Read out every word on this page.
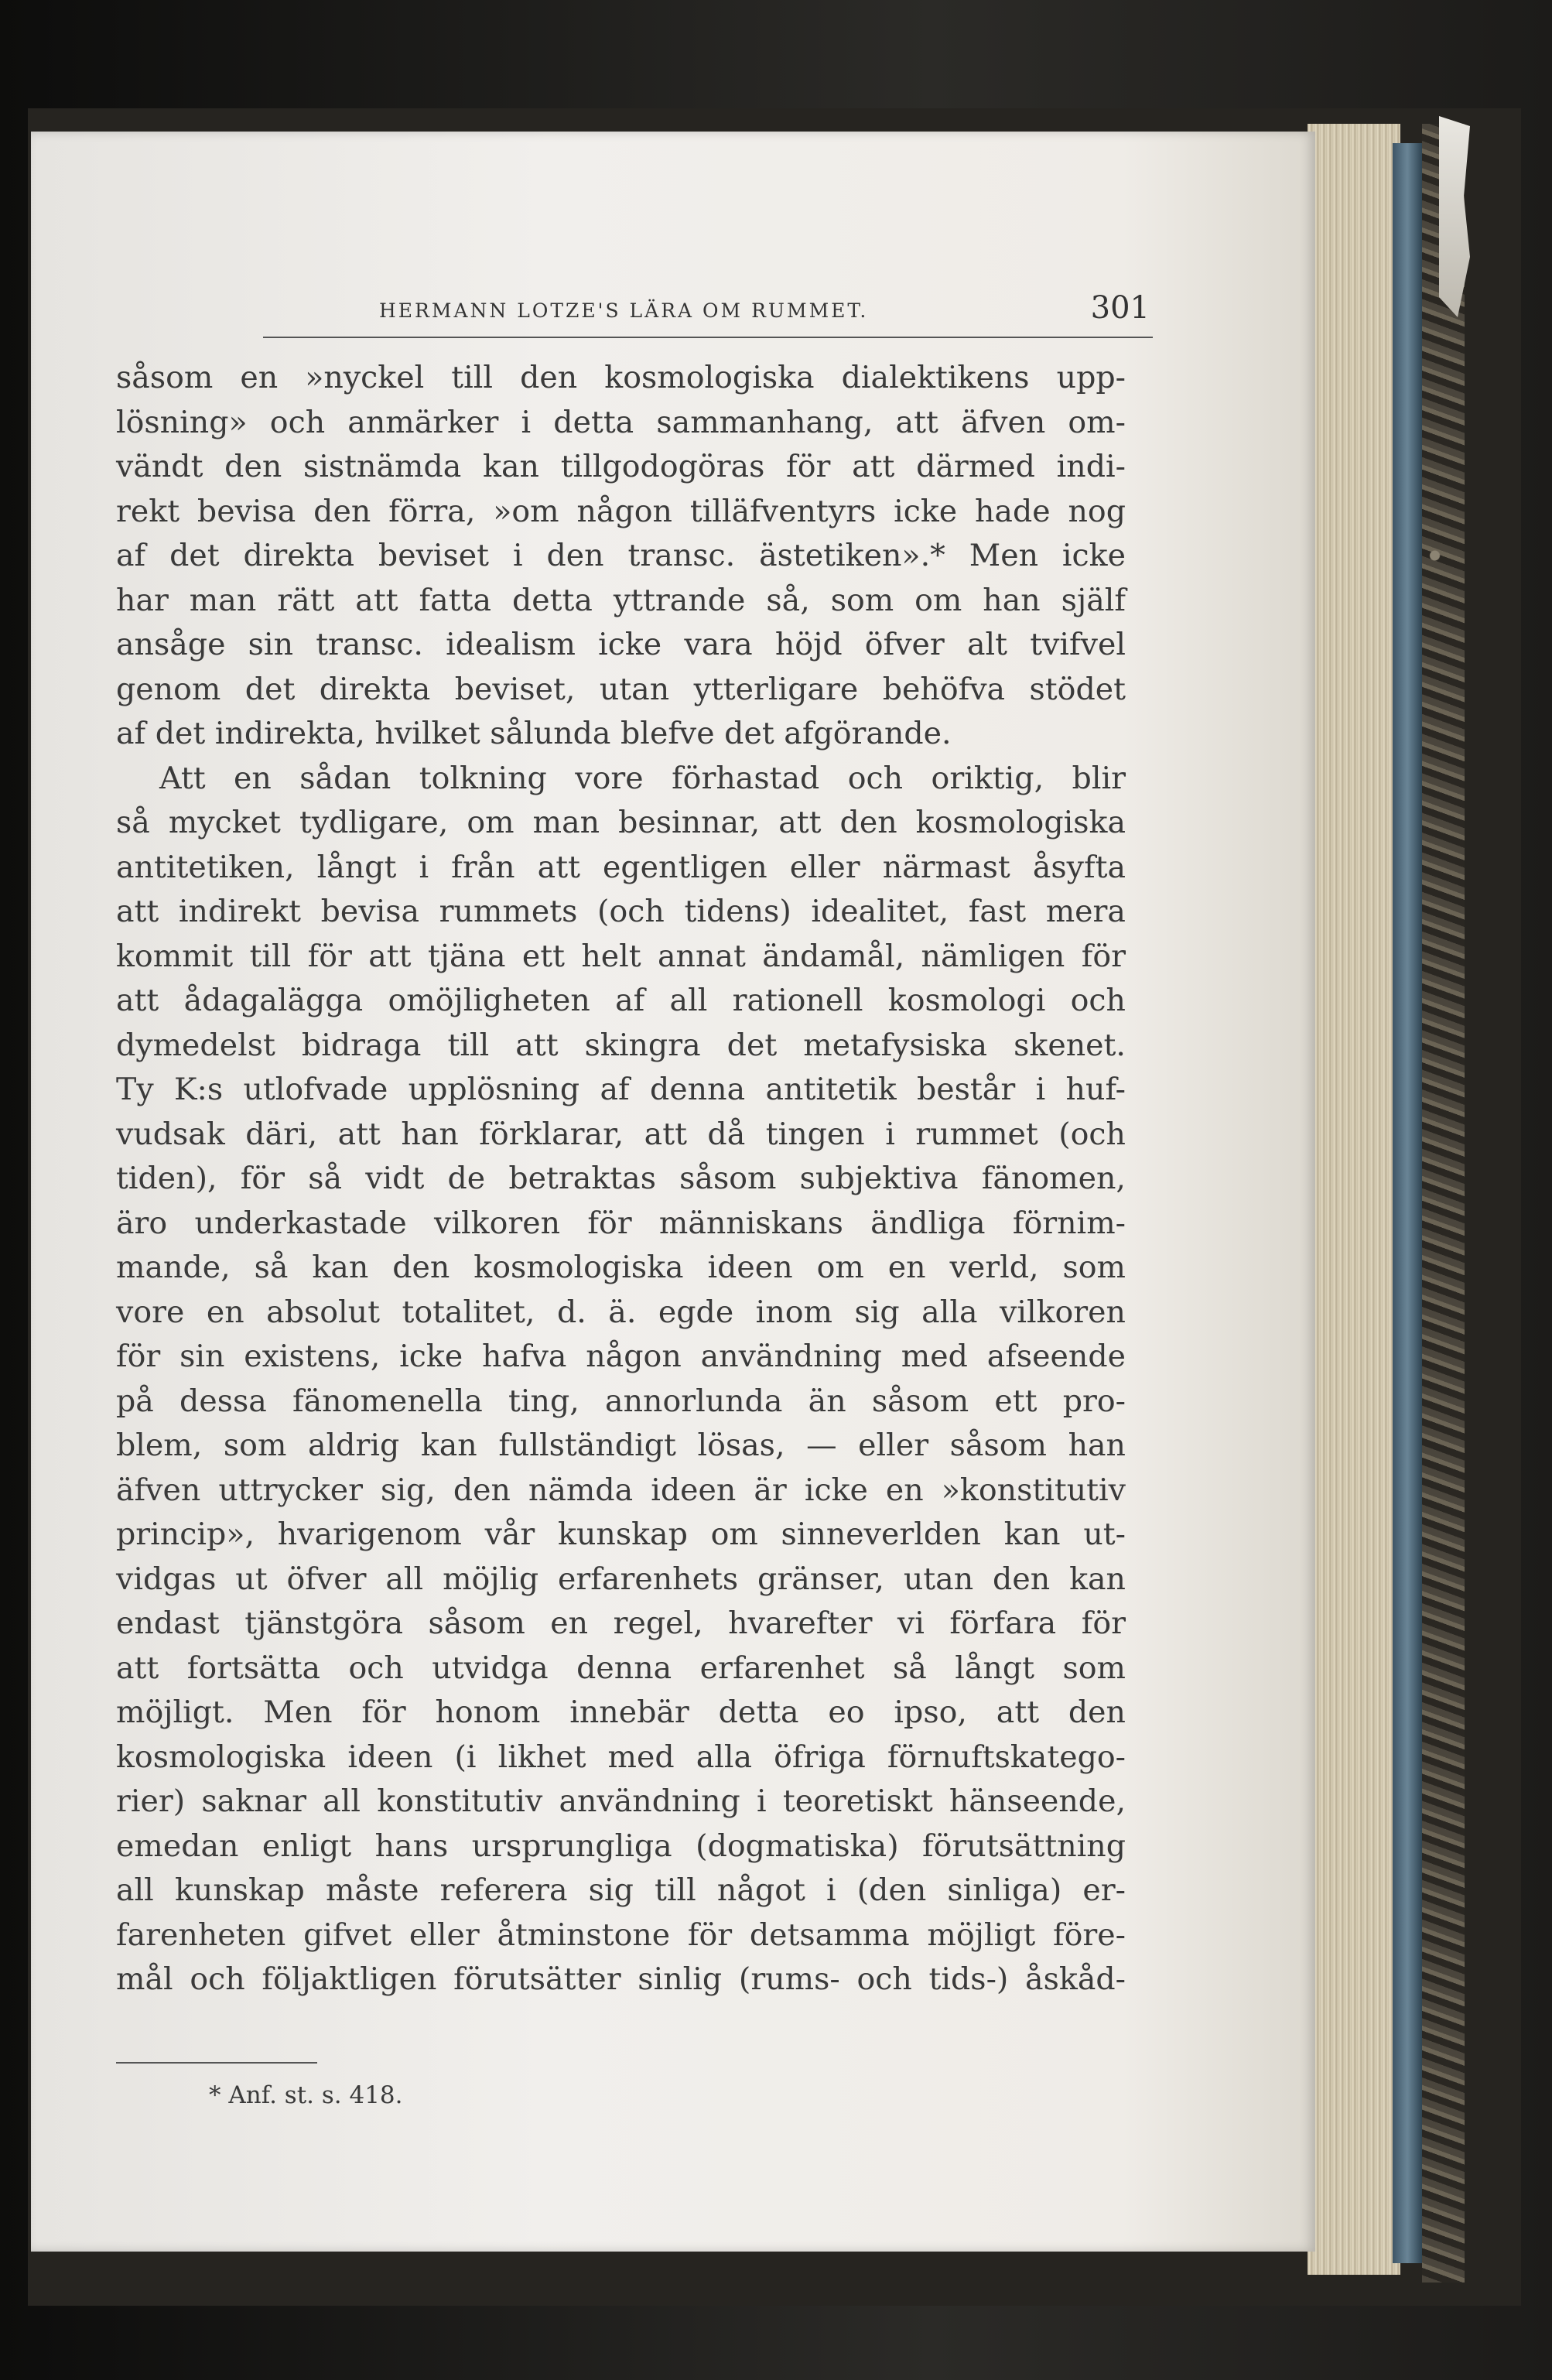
HERMANN LOTZE'S LÄRA OM RUMMET.	301
såsom en »nyckel till den kosmologiska dialektikens upp-
lösning» och anmärker i detta sammanhang, att äfven om-
vändt den sistnämda kan tillgodogöras för att därmed indi-
rekt bevisa den förra, »om någon tilläfventyrs icke hade nog
af det direkta beviset i den transc. ästetiken».* Men icke
har man rätt att fatta detta yttrande så, som om han själf
ansåge sin transc. idealism icke vara höjd öfver alt tvifvel
genom det direkta beviset, utan ytterligare behöfva stödet
af det indirekta, hvilket sålunda blefve det afgörande.
Att en sådan tolkning vore förhastad och oriktig, blir
så mycket tydligare, om man besinnar, att den kosmologiska
antitetiken, långt i från att egentligen eller närmast åsyfta
att indirekt bevisa rummets (och tidens) idealitet, fast mera
kommit till för att tjäna ett helt annat ändamål, nämligen för
att ådagalägga omöjligheten af all rationell kosmologi och
dymedelst bidraga till att skingra det metafysiska skenet.
Ty K:s utlofvade upplösning af denna antitetik består i huf-
vudsak däri, att han förklarar, att då tingen i rummet (och
tiden), för så vidt de betraktas såsom subjektiva fänomen,
äro underkastade vilkoren för människans ändliga förnim-
mande, så kan den kosmologiska ideen om en verld, som
vore en absolut totalitet, d. ä. egde inom sig alla vilkoren
för sin existens, icke hafva någon användning med afseende
på dessa fänomenella ting, annorlunda än såsom ett pro-
blem, som aldrig kan fullständigt lösas, — eller såsom han
äfven uttrycker sig, den nämda ideen är icke en »konstitutiv
princip», hvarigenom vår kunskap om sinneverlden kan ut-
vidgas ut öfver all möjlig erfarenhets gränser, utan den kan
endast tjänstgöra såsom en regel, hvarefter vi förfara för
att fortsätta och utvidga denna erfarenhet så långt som
möjligt. Men för honom innebär detta eo ipso, att den
kosmologiska ideen (i likhet med alla öfriga förnuftskatego-
rier) saknar all konstitutiv användning i teoretiskt hänseende,
emedan enligt hans ursprungliga (dogmatiska) förutsättning
all kunskap måste referera sig till något i (den sinliga) er-
farenheten gifvet eller åtminstone för detsamma möjligt före-
mål och följaktligen förutsätter sinlig (rums- och tids-) åskåd-
* Anf. st. s. 418.
